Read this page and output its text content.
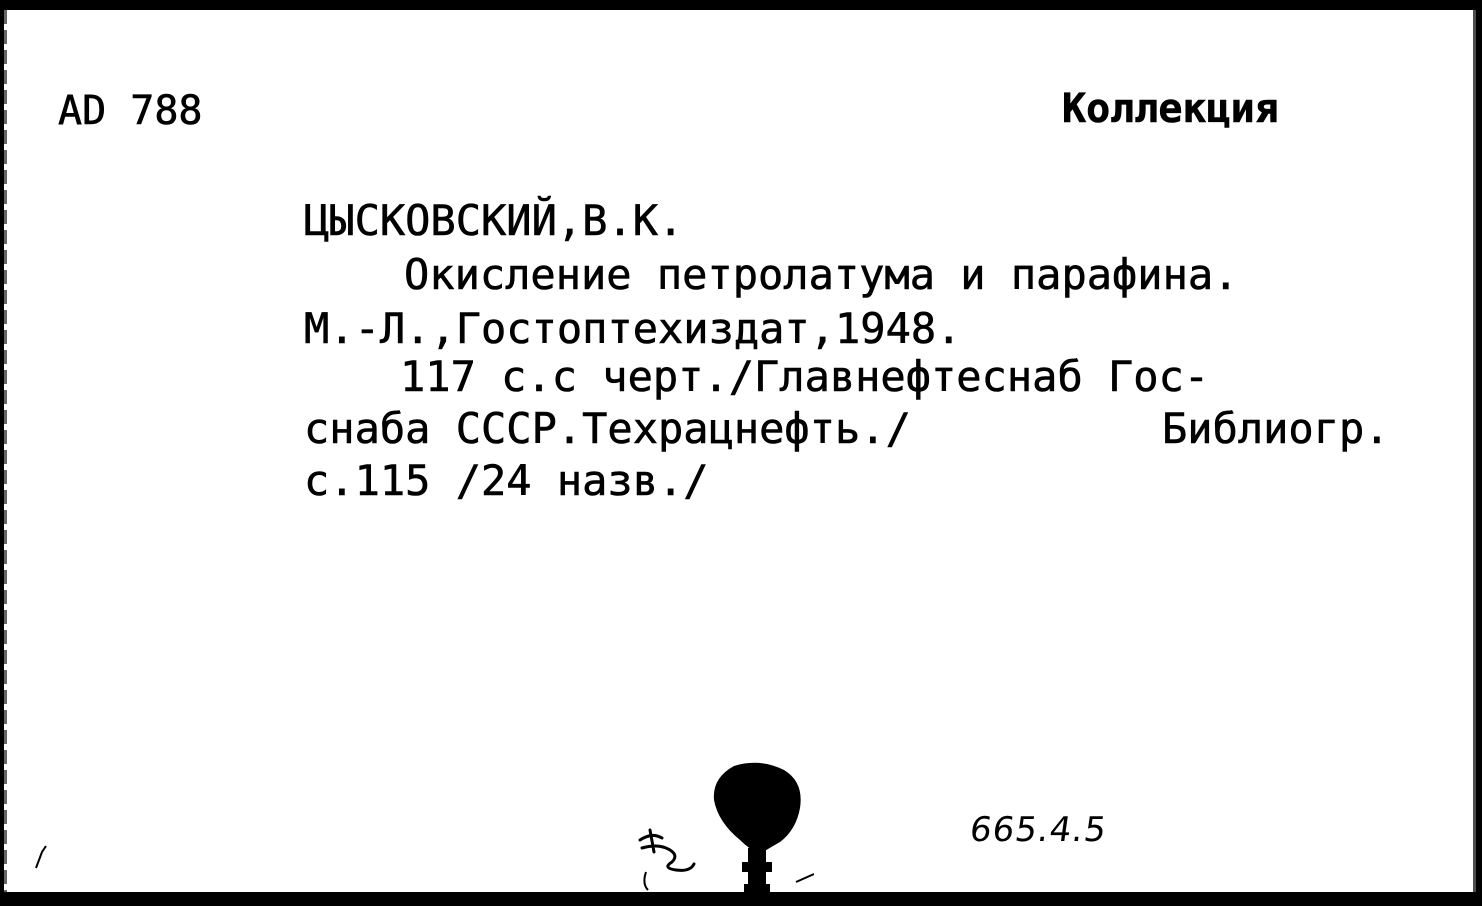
АD 788	Коллекция
ЦЫСКОВСКИЙ,В.К.
Окисление петролатума и парафина.
М.-Л.,Гостоптехиздат,1948.
117 с.с черт./Главнефтеснаб Гос-
снаба СССР.Техрацнефть./	Библиогр.
с.115 /24 назв./
665.4.5
